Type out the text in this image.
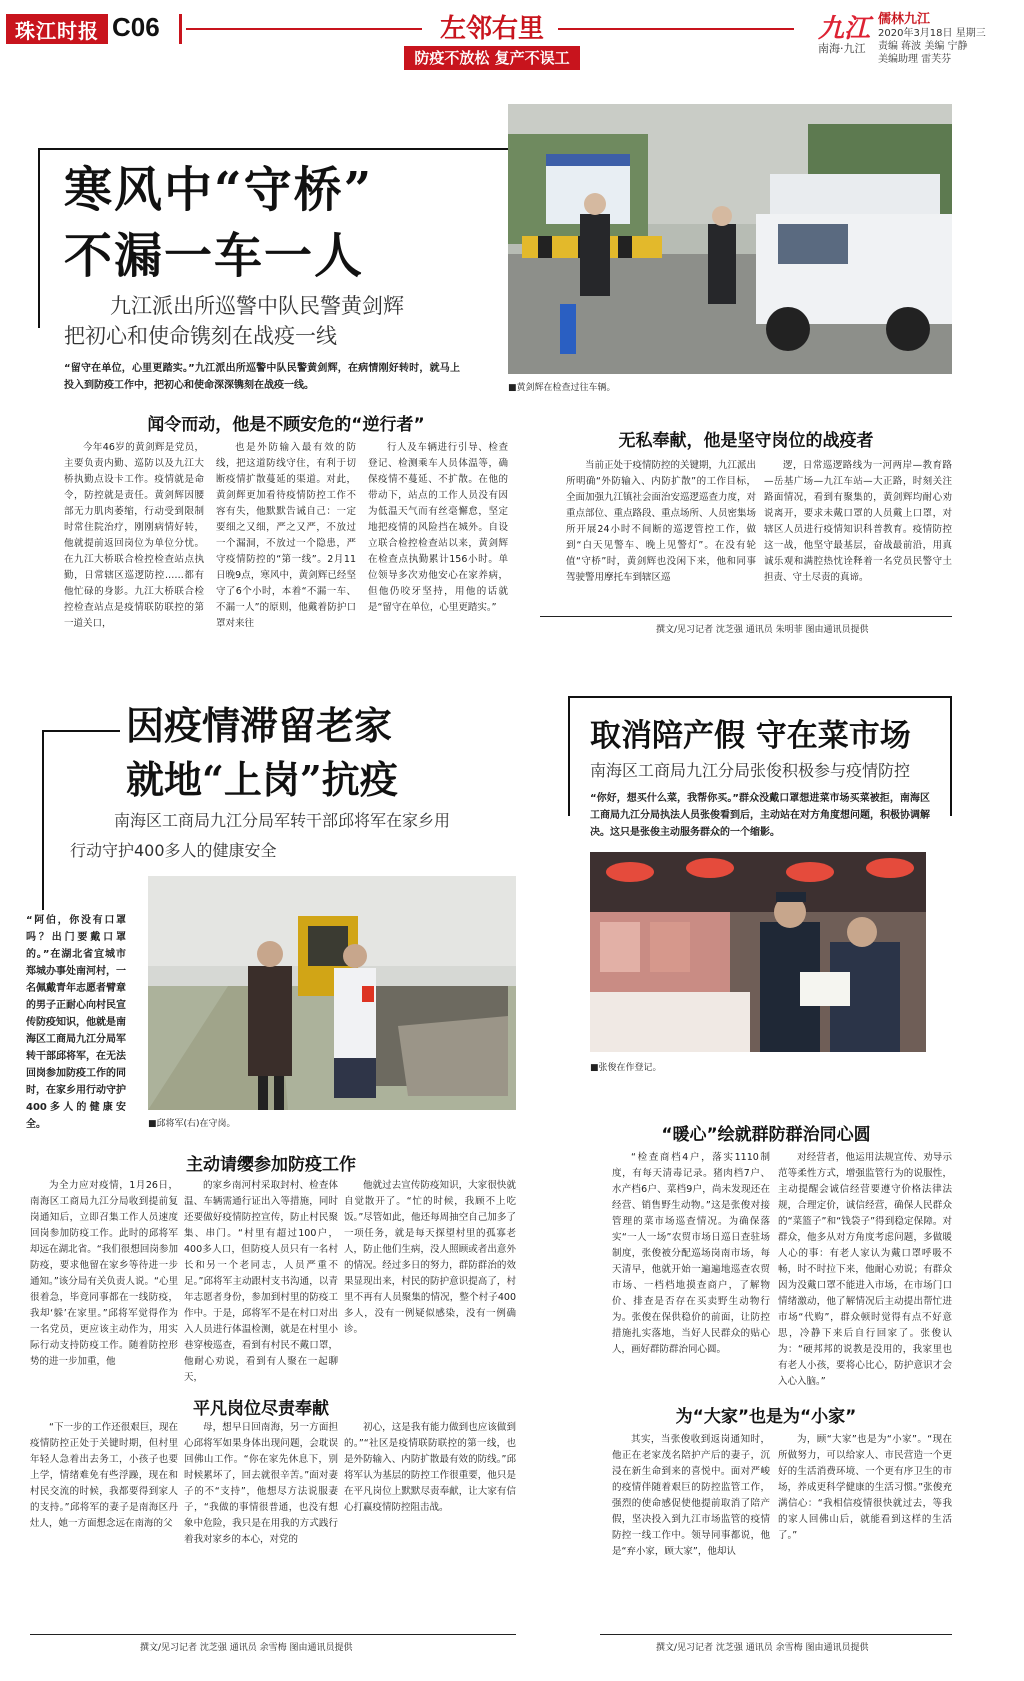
珠江时报 C06	左邻右里
防疫不放松 复产不误工
九江
南海·九江
儒林九江
2020年3月18日 星期三
责编 蒋波 美编 宁静
美编助理 雷芙芬
寒风中“守桥”
不漏一车一人
九江派出所巡警中队民警黄剑辉
把初心和使命镌刻在战疫一线
■黄剑辉在检查过往车辆。
“留守在单位，心里更踏实。”九江派出所巡警中队民警黄剑辉，在病情刚好转时，就马上投入到防疫工作中，把初心和使命深深镌刻在战疫一线。
闻令而动，他是不顾安危的“逆行者”

今年46岁的黄剑辉是党员，主要负责内勤、巡防以及九江大桥执勤点设卡工作。疫情就是命令，防控就是责任。黄剑辉因腰部无力肌肉萎缩，行动受到限制时常住院治疗，刚刚病情好转，他就提前返回岗位为单位分忧。在九江大桥联合检控检查站点执勤，日常辖区巡逻防控……都有他忙碌的身影。九江大桥联合检控检查站点是疫情联防联控的第一道关口，

也是外防输入最有效的防线，把这道防线守住，有利于切断疫情扩散蔓延的渠道。对此，黄剑辉更加看待疫情防控工作不容有失，他默默告诫自己：一定要细之又细，严之又严，不放过一个漏洞，不放过一个隐患，严守疫情防控的“第一线”。2月11日晚9点，寒风中，黄剑辉已经坚守了6个小时，本着“不漏一车、不漏一人”的原则，他戴着防护口罩对来往

行人及车辆进行引导、检查登记、检测乘车人员体温等，确保疫情不蔓延、不扩散。在他的带动下，站点的工作人员没有因为低温天气而有丝毫懈怠，坚定地把疫情的风险挡在城外。自设立联合检控检查站以来，黄剑辉在检查点执勤累计156小时。单位领导多次劝他安心在家养病，但他仍咬牙坚持，用他的话就是“留守在单位，心里更踏实。”

无私奉献，他是坚守岗位的战疫者

当前正处于疫情防控的关键期，九江派出所明确“外防输入、内防扩散”的工作目标，全面加强九江镇社会面治安巡逻巡查力度，对重点部位、重点路段、重点场所、人员密集场所开展24小时不间断的巡逻管控工作，做到“白天见警车、晚上见警灯”。在没有轮值“守桥”时，黄剑辉也没闲下来，他和同事驾驶警用摩托车到辖区巡

逻，日常巡逻路线为一河两岸—教育路—岳基广场—九江车站—大正路，时刻关注路面情况，看到有聚集的，黄剑辉均耐心劝说离开，要求未戴口罩的人员戴上口罩，对辖区人员进行疫情知识科普教育。疫情防控这一战，他坚守最基层，奋战最前沿，用真诚乐观和满腔热忱诠释着一名党员民警守土担责、守土尽责的真谛。

撰文/见习记者 沈芝强 通讯员 朱明菲 图由通讯员提供
因疫情滞留老家
就地“上岗”抗疫
南海区工商局九江分局军转干部邱将军在家乡用
行动守护400多人的健康安全
“阿伯，你没有口罩吗？出门要戴口罩的。”在湖北省宜城市郑城办事处南河村，一名佩戴青年志愿者臂章的男子正耐心向村民宣传防疫知识，他就是南海区工商局九江分局军转干部邱将军，在无法回岗参加防疫工作的同时，在家乡用行动守护400多人的健康安全。	■邱将军(右)在守岗。
主动请缨参加防疫工作

为全力应对疫情，1月26日，南海区工商局九江分局收到提前复岗通知后，立即召集工作人员速度回岗参加防疫工作。此时的邱将军却远在湖北省。“我们很想回岗参加防疫，要求他留在家乡等待进一步通知。”该分局有关负责人说。“心里很着急，毕竟同事都在一线防疫，我却‘躲’在家里。”邱将军觉得作为一名党员，更应该主动作为，用实际行动支持防疫工作。随着防控形势的进一步加重，他

的家乡南河村采取封村、检查体温、车辆需通行证出入等措施，同时还要做好疫情防控宣传，防止村民聚集、串门。“村里有超过100户，400多人口，但防疫人员只有一名村长和另一个老同志，人员严重不足。”邱将军主动跟村支书沟通，以青年志愿者身份，参加到村里的防疫工作中。于是，邱将军不是在村口对出入人员进行体温检测，就是在村里小巷穿梭巡查，看到有村民不戴口罩，他耐心劝说，看到有人聚在一起聊天，

他就过去宣传防疫知识，大家很快就自觉散开了。“忙的时候，我顾不上吃饭。”尽管如此，他还每周抽空自己加多了一项任务，就是每天探望村里的孤寡老人，防止他们生病，没人照顾或者出意外的情况。经过多日的努力，群防群治的效果显现出来，村民的防护意识提高了，村里不再有人员聚集的情况，整个村子400多人，没有一例疑似感染，没有一例确诊。

平凡岗位尽责奉献

“下一步的工作还很艰巨，现在疫情防控正处于关键时期，但村里年轻人急着出去务工，小孩子也要上学，情绪难免有些浮躁，现在和村民交流的时候，我都要得到家人的支持。”邱将军的妻子是南海区丹灶人，她一方面想念远在南海的父

母，想早日回南海，另一方面担心邱将军如果身体出现问题，会耽误回佛山工作。“你在家先休息下，别时候累坏了，回去就很辛苦。”面对妻子的不“支持”，他想尽方法说服妻子，“我做的事情很普通，也没有想象中危险，我只是在用我的方式践行着我对家乡的本心，对党的

初心，这是我有能力做到也应该做到的。”“社区是疫情联防联控的第一线，也是外防输入、内防扩散最有效的防线。”邱将军认为基层的防控工作很重要，他只是在平凡岗位上默默尽责奉献，让大家有信心打赢疫情防控阻击战。

撰文/见习记者 沈芝强 通讯员 余雪梅 图由通讯员提供
取消陪产假 守在菜市场
南海区工商局九江分局张俊积极参与疫情防控
“你好，想买什么菜，我帮你买。”群众没戴口罩想进菜市场买菜被拒，南海区工商局九江分局执法人员张俊看到后，主动站在对方角度想问题，积极协调解决。这只是张俊主动服务群众的一个缩影。
■张俊在作登记。
“暖心”绘就群防群治同心圆

“检查商档4户，落实1110制度，有每天清毒记录。猪肉档7户、水产档6户、菜档9户，尚未发现还在经营、销售野生动物。”这是张俊对接管理的菜市场巡查情况。为确保落实“一人一场”农贸市场日巡日查驻场制度，张俊被分配巡场岗南市场，每天清早，他就开始一遍遍地巡查农贸市场、一档档地摸查商户，了解物价、排查是否存在买卖野生动物行为。张俊在保供稳价的前面，让防控措施扎实落地，当好人民群众的贴心人，画好群防群治同心圆。

对经营者，他运用法规宣传、劝导示范等柔性方式，增强监管行为的说服性，主动提醒会诚信经营要遵守价格法律法规，合理定价，诚信经营，确保人民群众的“菜篮子”和“钱袋子”得到稳定保障。对群众，他多从对方角度考虑问题，多做暖人心的事：有老人家认为戴口罩呼吸不畅，时不时拉下来，他耐心劝说；有群众因为没戴口罩不能进入市场，在市场门口情绪激动，他了解情况后主动提出帮忙进市场“代购”，群众顿时觉得有点不好意思，冷静下来后自行回家了。张俊认为：“硬邦邦的说教是没用的，我家里也有老人小孩，要将心比心，防护意识才会入心入脑。”

为“大家”也是为“小家”

其实，当张俊收到返岗通知时，他正在老家茂名陪护产后的妻子，沉浸在新生命到来的喜悦中。面对严峻的疫情伴随着艰巨的防控监管工作，强烈的使命感促使他提前取消了陪产假，坚决投入到九江市场监管的疫情防控一线工作中。领导同事都说，他是“弃小家，顾大家”，他却认

为，顾“大家”也是为“小家”。“现在所做努力，可以给家人、市民营造一个更好的生活消费环境、一个更有序卫生的市场，养成更科学健康的生活习惯。”张俊充满信心：“我相信疫情很快就过去，等我的家人回佛山后，就能看到这样的生活了。”

撰文/见习记者 沈芝强 通讯员 余雪梅 图由通讯员提供
